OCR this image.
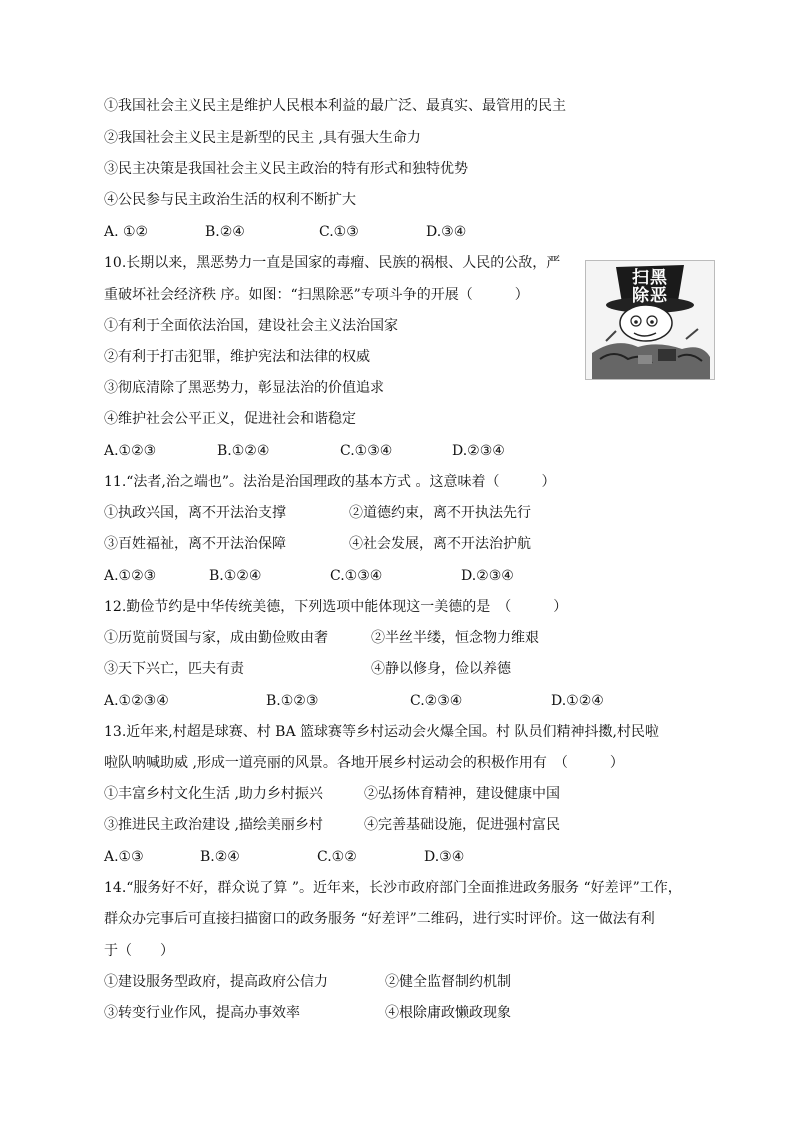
①我国社会主义民主是维护人民根本利益的最广泛、最真实、最管用的民主
②我国社会主义民主是新型的民主 ,具有强大生命力
③民主决策是我国社会主义民主政治的特有形式和独特优势
④公民参与民主政治生活的权利不断扩大
A. ①②	B.②④	C.①③	D.③④
10.长期以来，黑恶势力一直是国家的毒瘤、民族的祸根、人民的公敌，严
重破坏社会经济秩 序。如图：“扫黑除恶”专项斗争的开展（　　　）
①有利于全面依法治国，建设社会主义法治国家
②有利于打击犯罪，维护宪法和法律的权威
③彻底清除了黑恶势力，彰显法治的价值追求
④维护社会公平正义，促进社会和谐稳定
A.①②③	B.①②④	C.①③④	D.②③④
扫黑
除恶
11.“法者,治之端也”。法治是治国理政的基本方式 。这意味着（　　　）
①执政兴国，离不开法治支撑	②道德约束，离不开执法先行
③百姓福祉，离不开法治保障	④社会发展，离不开法治护航
A.①②③	B.①②④	C.①③④	D.②③④
12.勤俭节约是中华传统美德，下列选项中能体现这一美德的是　（　　　）
①历览前贤国与家，成由勤俭败由奢	②半丝半缕，恒念物力维艰
③天下兴亡，匹夫有责	④静以修身，俭以养德
A.①②③④	B.①②③	C.②③④	D.①②④
13.近年来,村超是球赛、村 BA 篮球赛等乡村运动会火爆全国。村 队员们精神抖擞,村民啦
啦队呐喊助威 ,形成一道亮丽的风景。各地开展乡村运动会的积极作用有　（　　　）
①丰富乡村文化生活 ,助力乡村振兴	②弘扬体育精神，建设健康中国
③推进民主政治建设 ,描绘美丽乡村	④完善基础设施，促进强村富民
A.①③	B.②④	C.①②	D.③④
14.“服务好不好，群众说了算 ”。近年来，长沙市政府部门全面推进政务服务 “好差评”工作，
群众办完事后可直接扫描窗口的政务服务 “好差评”二维码，进行实时评价。这一做法有利
于（　　）
①建设服务型政府，提高政府公信力	②健全监督制约机制
③转变行业作风，提高办事效率	④根除庸政懒政现象
